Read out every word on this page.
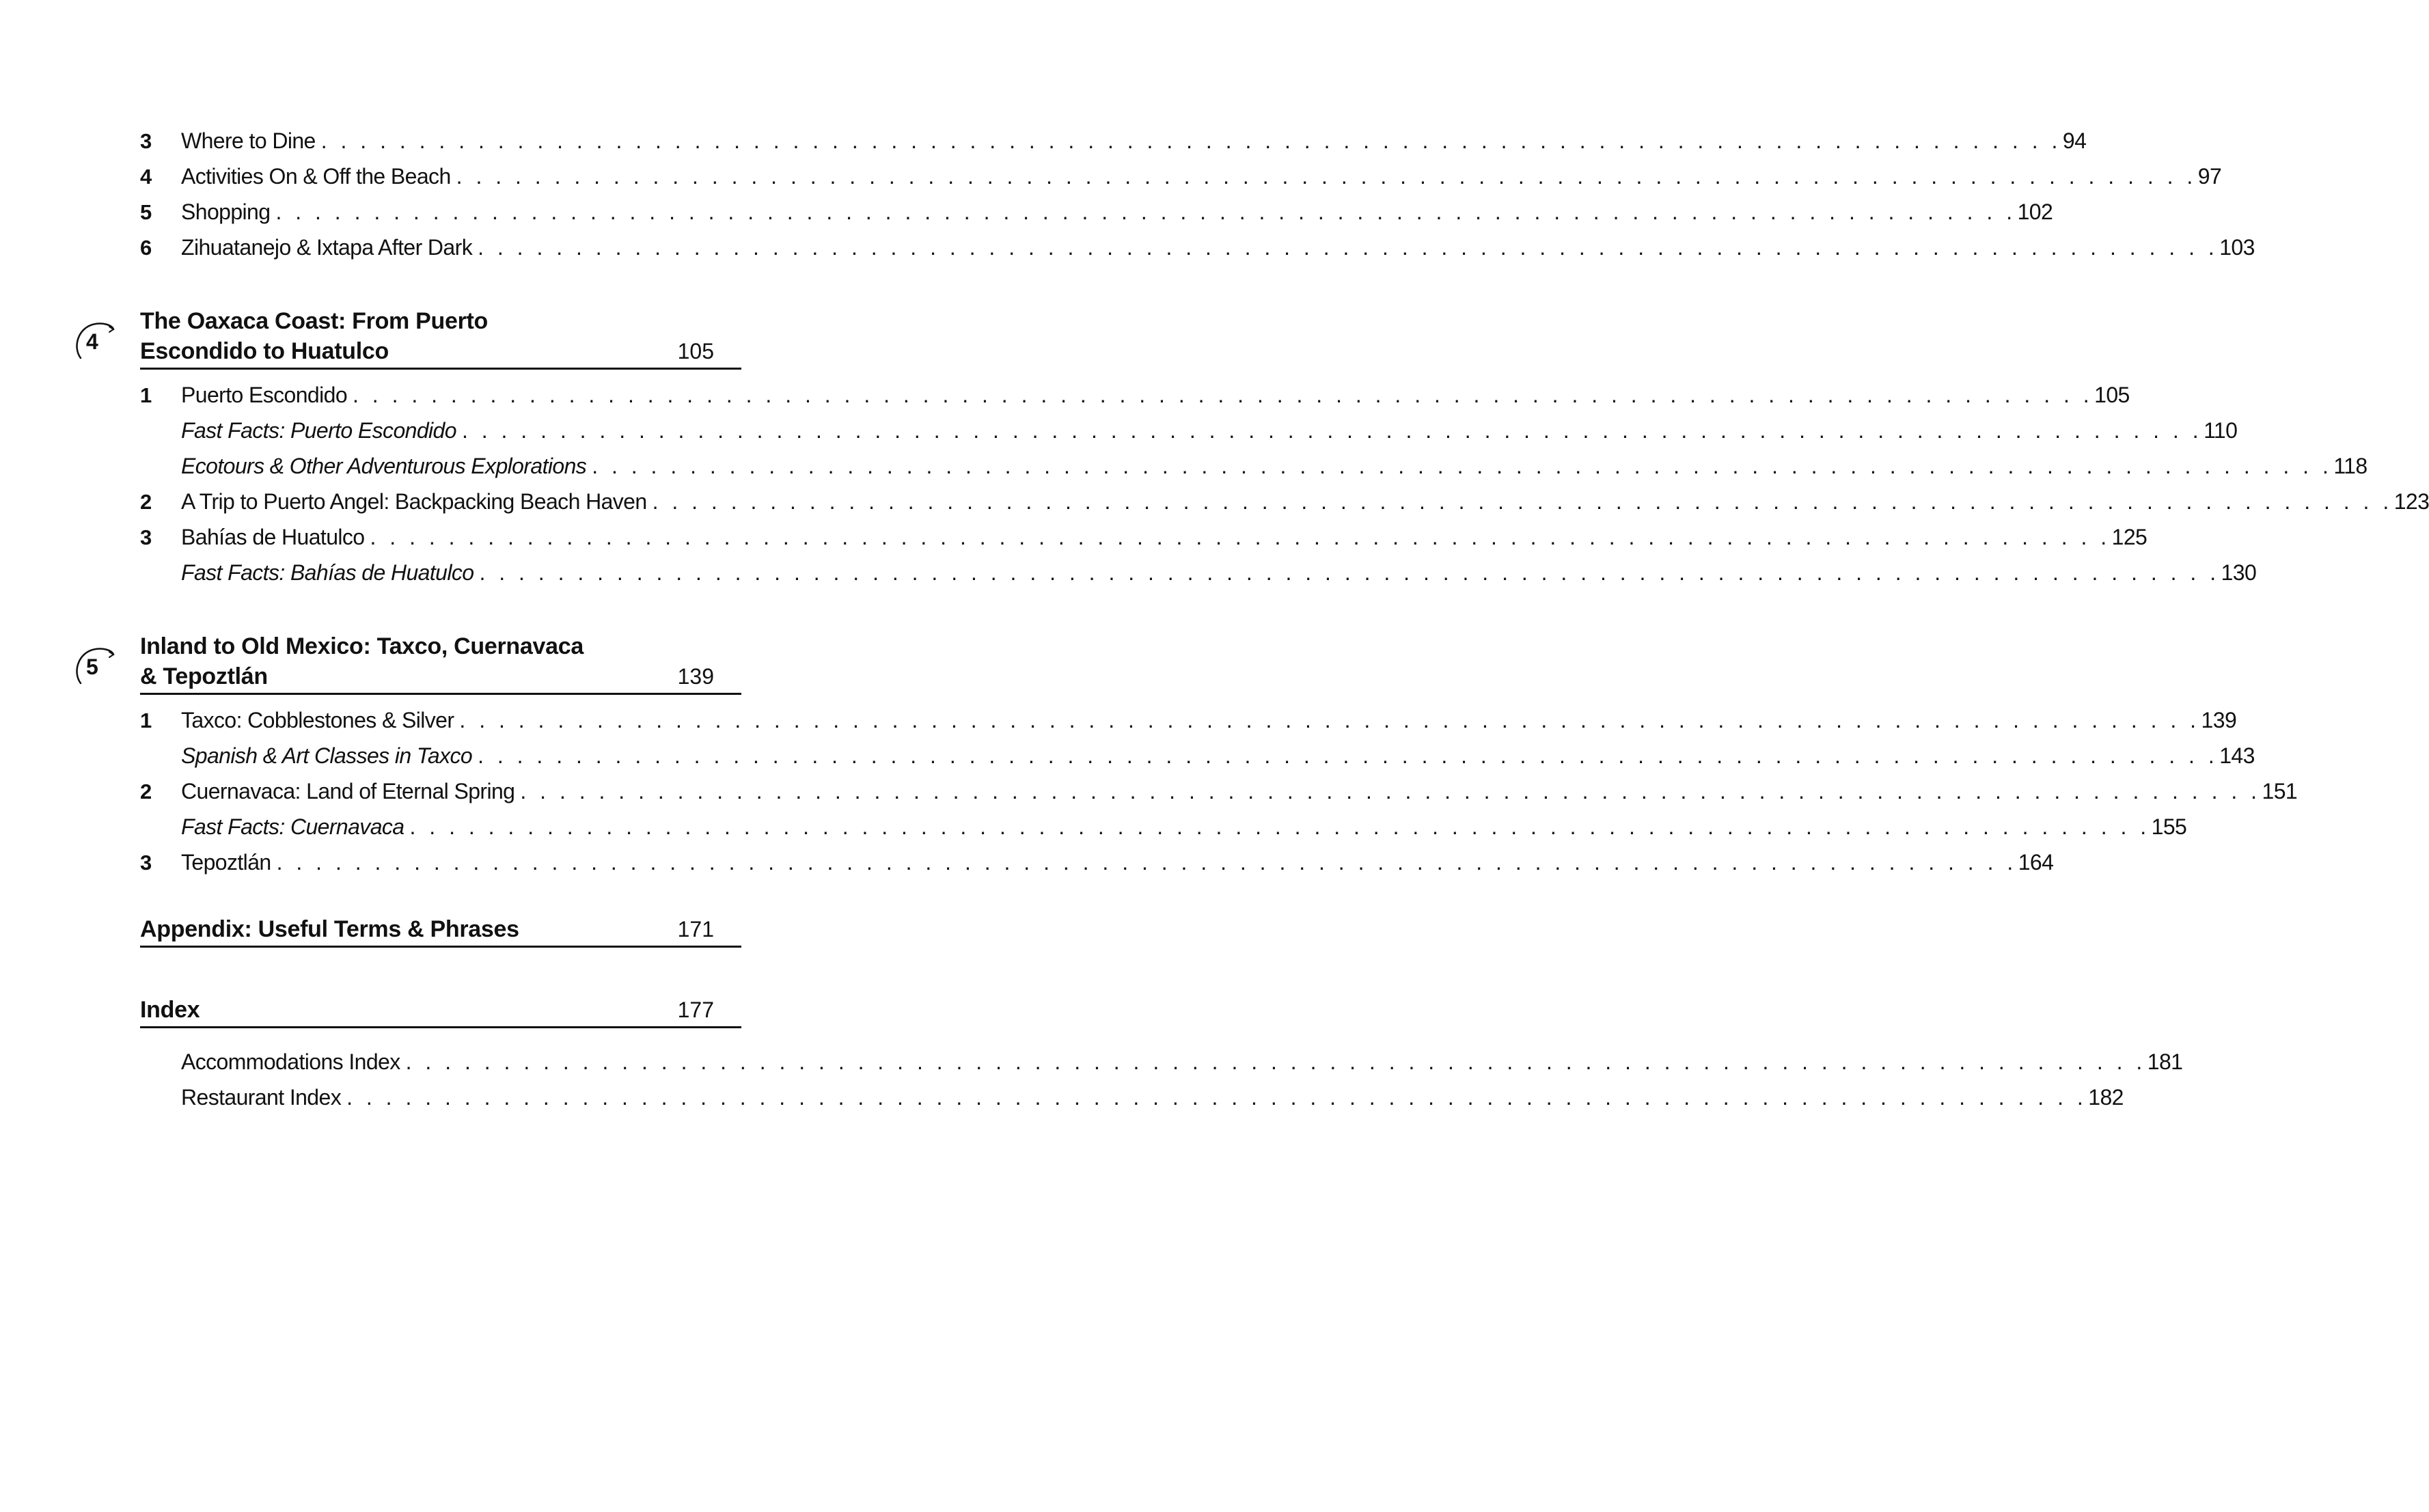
3	Where to Dine . . . . . . . . . . . . . . . . . . . . . . . . . . . . . . . . . . . . . . . . . . . . . . . . . . . . . . . . . . . . . . . . . . . . . . . . . . . . . . . . . . . . . . . . . 94
4	Activities On & Off the Beach . . . . . . . . . . . . . . . . . . . . . . . . . . . . . . . . . . . . . . . . . . . . . . . . . . . . . . . . . . . . . . . . . . . . . . . . . . . . . . . . . . . . . . . . . 97
5	Shopping . . . . . . . . . . . . . . . . . . . . . . . . . . . . . . . . . . . . . . . . . . . . . . . . . . . . . . . . . . . . . . . . . . . . . . . . . . . . . . . . . . . . . . . . . 102
6	Zihuatanejo & Ixtapa After Dark . . . . . . . . . . . . . . . . . . . . . . . . . . . . . . . . . . . . . . . . . . . . . . . . . . . . . . . . . . . . . . . . . . . . . . . . . . . . . . . . . . . . . . . . . 103
4
The Oaxaca Coast: From Puerto
Escondido to Huatulco	105
1	Puerto Escondido . . . . . . . . . . . . . . . . . . . . . . . . . . . . . . . . . . . . . . . . . . . . . . . . . . . . . . . . . . . . . . . . . . . . . . . . . . . . . . . . . . . . . . . . . 105
Fast Facts: Puerto Escondido . . . . . . . . . . . . . . . . . . . . . . . . . . . . . . . . . . . . . . . . . . . . . . . . . . . . . . . . . . . . . . . . . . . . . . . . . . . . . . . . . . . . . . . . . 110
Ecotours & Other Adventurous Explorations . . . . . . . . . . . . . . . . . . . . . . . . . . . . . . . . . . . . . . . . . . . . . . . . . . . . . . . . . . . . . . . . . . . . . . . . . . . . . . . . . . . . . . . . . 118
2	A Trip to Puerto Angel: Backpacking Beach Haven . . . . . . . . . . . . . . . . . . . . . . . . . . . . . . . . . . . . . . . . . . . . . . . . . . . . . . . . . . . . . . . . . . . . . . . . . . . . . . . . . . . . . . . . . 123
3	Bahías de Huatulco . . . . . . . . . . . . . . . . . . . . . . . . . . . . . . . . . . . . . . . . . . . . . . . . . . . . . . . . . . . . . . . . . . . . . . . . . . . . . . . . . . . . . . . . . 125
Fast Facts: Bahías de Huatulco . . . . . . . . . . . . . . . . . . . . . . . . . . . . . . . . . . . . . . . . . . . . . . . . . . . . . . . . . . . . . . . . . . . . . . . . . . . . . . . . . . . . . . . . . 130
5
Inland to Old Mexico: Taxco, Cuernavaca
& Tepoztlán	139
1	Taxco: Cobblestones & Silver . . . . . . . . . . . . . . . . . . . . . . . . . . . . . . . . . . . . . . . . . . . . . . . . . . . . . . . . . . . . . . . . . . . . . . . . . . . . . . . . . . . . . . . . . 139
Spanish & Art Classes in Taxco . . . . . . . . . . . . . . . . . . . . . . . . . . . . . . . . . . . . . . . . . . . . . . . . . . . . . . . . . . . . . . . . . . . . . . . . . . . . . . . . . . . . . . . . . 143
2	Cuernavaca: Land of Eternal Spring . . . . . . . . . . . . . . . . . . . . . . . . . . . . . . . . . . . . . . . . . . . . . . . . . . . . . . . . . . . . . . . . . . . . . . . . . . . . . . . . . . . . . . . . . 151
Fast Facts: Cuernavaca . . . . . . . . . . . . . . . . . . . . . . . . . . . . . . . . . . . . . . . . . . . . . . . . . . . . . . . . . . . . . . . . . . . . . . . . . . . . . . . . . . . . . . . . . 155
3	Tepoztlán . . . . . . . . . . . . . . . . . . . . . . . . . . . . . . . . . . . . . . . . . . . . . . . . . . . . . . . . . . . . . . . . . . . . . . . . . . . . . . . . . . . . . . . . . 164
Appendix: Useful Terms & Phrases	171
Index	177
Accommodations Index . . . . . . . . . . . . . . . . . . . . . . . . . . . . . . . . . . . . . . . . . . . . . . . . . . . . . . . . . . . . . . . . . . . . . . . . . . . . . . . . . . . . . . . . . 181
Restaurant Index . . . . . . . . . . . . . . . . . . . . . . . . . . . . . . . . . . . . . . . . . . . . . . . . . . . . . . . . . . . . . . . . . . . . . . . . . . . . . . . . . . . . . . . . . 182
